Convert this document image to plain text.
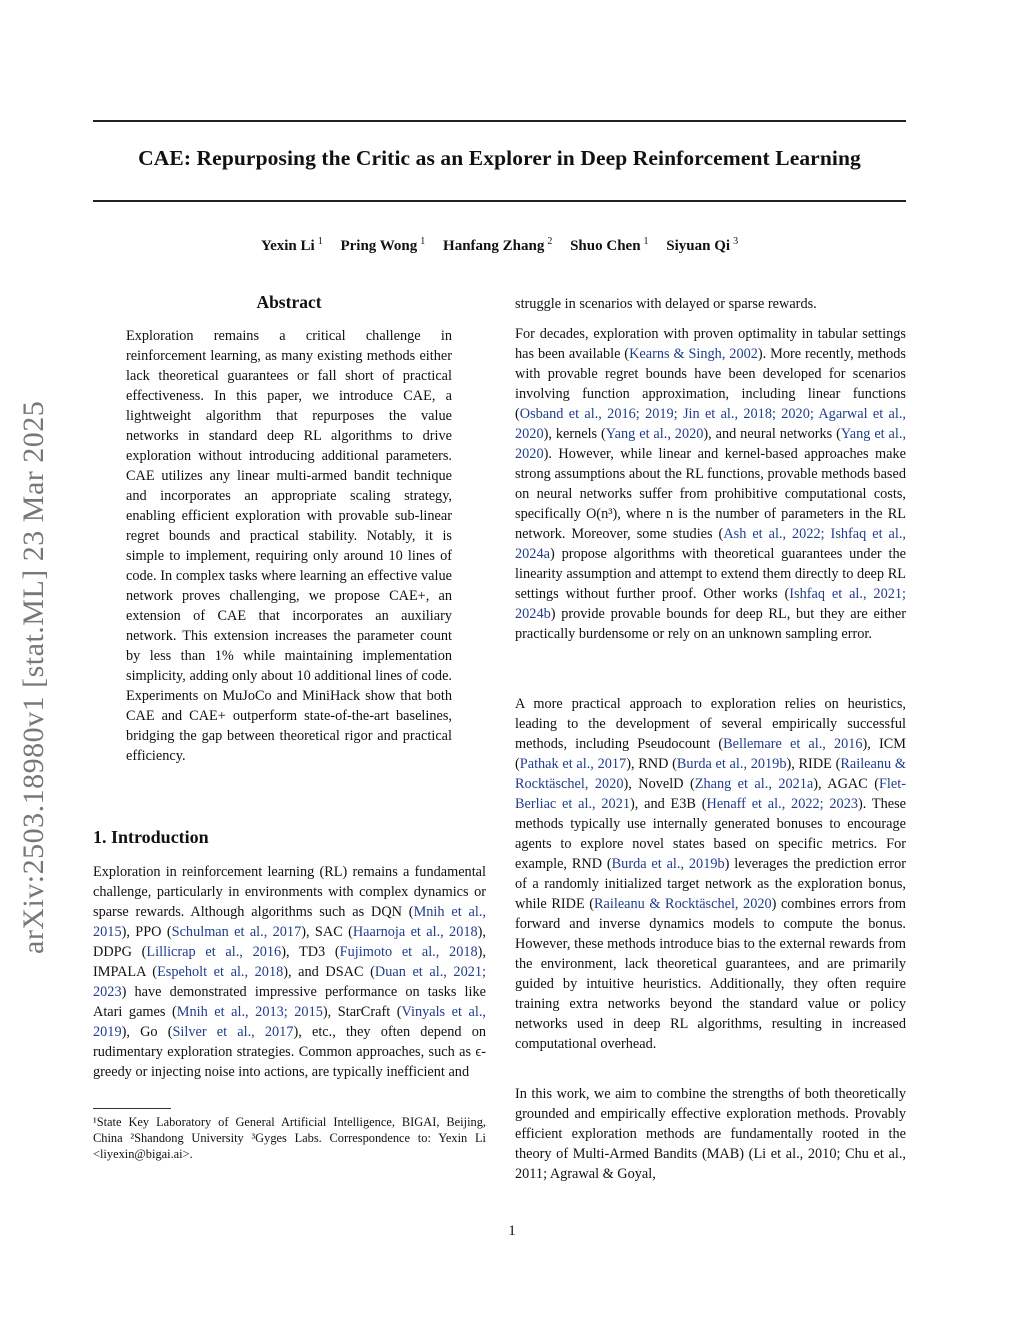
CAE: Repurposing the Critic as an Explorer in Deep Reinforcement Learning
Yexin Li $^1$ Pring Wong $^1$ Hanfang Zhang $^2$ Shuo Chen $^1$ Siyuan Qi $^3$
arXiv:2503.18980v1 [stat.ML] 23 Mar 2025
Abstract
Exploration remains a critical challenge in reinforcement learning, as many existing methods either lack theoretical guarantees or fall short of practical effectiveness. In this paper, we introduce CAE, a lightweight algorithm that repurposes the value networks in standard deep RL algorithms to drive exploration without introducing additional parameters. CAE utilizes any linear multi-armed bandit technique and incorporates an appropriate scaling strategy, enabling efficient exploration with provable sub-linear regret bounds and practical stability. Notably, it is simple to implement, requiring only around 10 lines of code. In complex tasks where learning an effective value network proves challenging, we propose CAE+, an extension of CAE that incorporates an auxiliary network. This extension increases the parameter count by less than 1% while maintaining implementation simplicity, adding only about 10 additional lines of code. Experiments on MuJoCo and MiniHack show that both CAE and CAE+ outperform state-of-the-art baselines, bridging the gap between theoretical rigor and practical efficiency.
1. Introduction
Exploration in reinforcement learning (RL) remains a fundamental challenge, particularly in environments with complex dynamics or sparse rewards. Although algorithms such as DQN (Mnih et al., 2015), PPO (Schulman et al., 2017), SAC (Haarnoja et al., 2018), DDPG (Lillicrap et al., 2016), TD3 (Fujimoto et al., 2018), IMPALA (Espeholt et al., 2018), and DSAC (Duan et al., 2021; 2023) have demonstrated impressive performance on tasks like Atari games (Mnih et al., 2013; 2015), StarCraft (Vinyals et al., 2019), Go (Silver et al., 2017), etc., they often depend on rudimentary exploration strategies. Common approaches, such as ϵ-greedy or injecting noise into actions, are typically inefficient and
¹State Key Laboratory of General Artificial Intelligence, BIGAI, Beijing, China ²Shandong University ³Gyges Labs. Correspondence to: Yexin Li <liyexin@bigai.ai>.

struggle in scenarios with delayed or sparse rewards.

For decades, exploration with proven optimality in tabular settings has been available (Kearns & Singh, 2002). More recently, methods with provable regret bounds have been developed for scenarios involving function approximation, including linear functions (Osband et al., 2016; 2019; Jin et al., 2018; 2020; Agarwal et al., 2020), kernels (Yang et al., 2020), and neural networks (Yang et al., 2020). However, while linear and kernel-based approaches make strong assumptions about the RL functions, provable methods based on neural networks suffer from prohibitive computational costs, specifically O(n³), where n is the number of parameters in the RL network. Moreover, some studies (Ash et al., 2022; Ishfaq et al., 2024a) propose algorithms with theoretical guarantees under the linearity assumption and attempt to extend them directly to deep RL settings without further proof. Other works (Ishfaq et al., 2021; 2024b) provide provable bounds for deep RL, but they are either practically burdensome or rely on an unknown sampling error.

A more practical approach to exploration relies on heuristics, leading to the development of several empirically successful methods, including Pseudocount (Bellemare et al., 2016), ICM (Pathak et al., 2017), RND (Burda et al., 2019b), RIDE (Raileanu & Rocktäschel, 2020), NovelD (Zhang et al., 2021a), AGAC (Flet-Berliac et al., 2021), and E3B (Henaff et al., 2022; 2023). These methods typically use internally generated bonuses to encourage agents to explore novel states based on specific metrics. For example, RND (Burda et al., 2019b) leverages the prediction error of a randomly initialized target network as the exploration bonus, while RIDE (Raileanu & Rocktäschel, 2020) combines errors from forward and inverse dynamics models to compute the bonus. However, these methods introduce bias to the external rewards from the environment, lack theoretical guarantees, and are primarily guided by intuitive heuristics. Additionally, they often require training extra networks beyond the standard value or policy networks used in deep RL algorithms, resulting in increased computational overhead.

In this work, we aim to combine the strengths of both theoretically grounded and empirically effective exploration methods. Provably efficient exploration methods are fundamentally rooted in the theory of Multi-Armed Bandits (MAB) (Li et al., 2010; Chu et al., 2011; Agrawal & Goyal,

1
